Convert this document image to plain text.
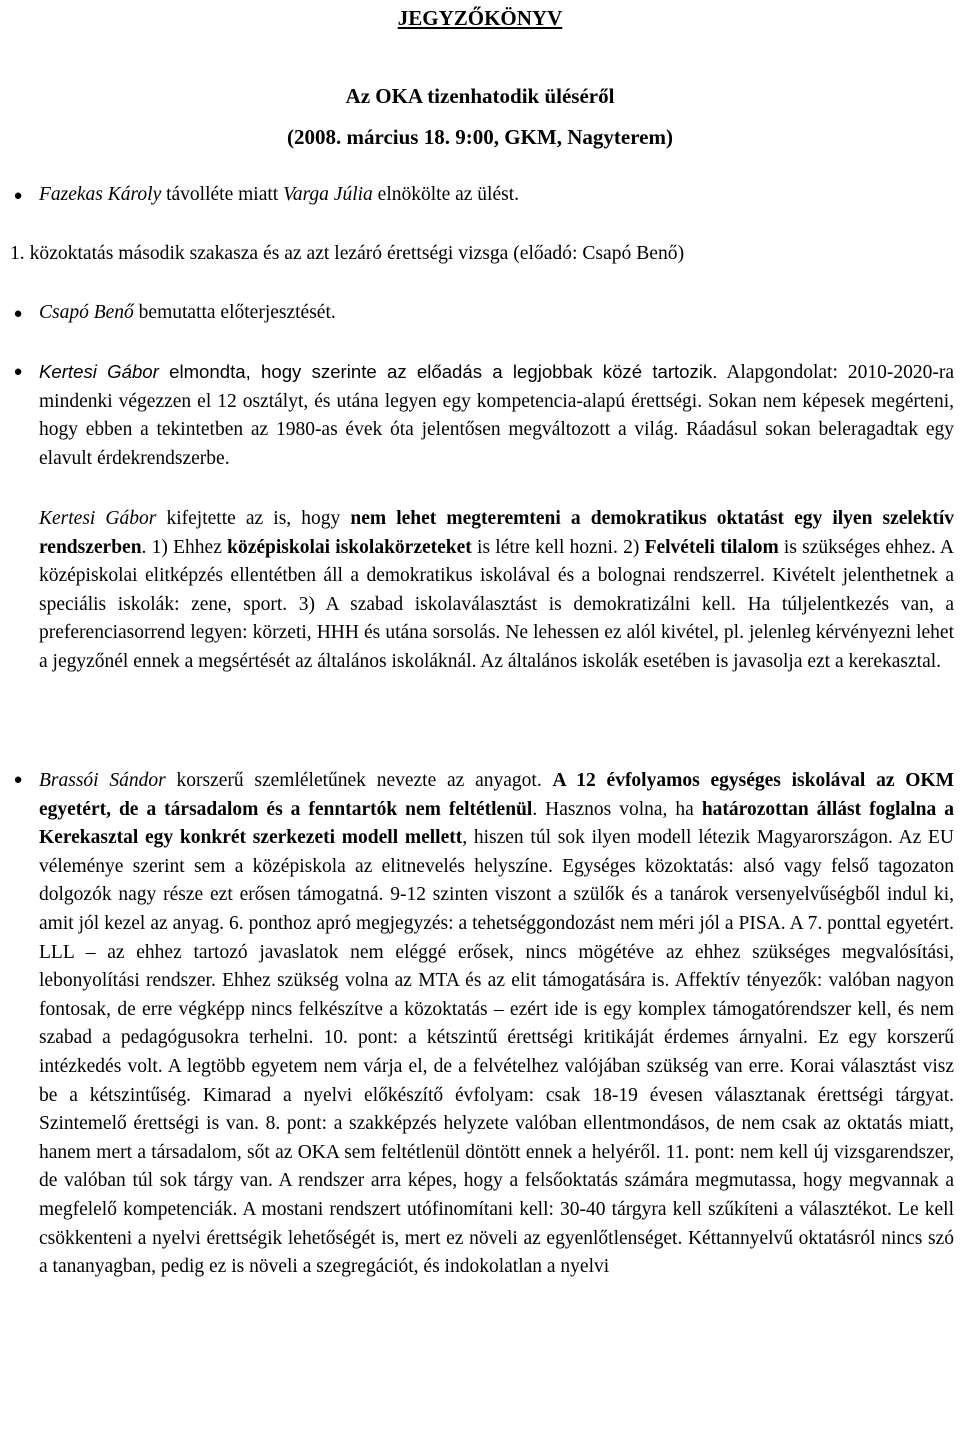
JEGYZŐKÖNYV
Az OKA tizenhatodik üléséről

(2008. március 18. 9:00, GKM, Nagyterem)

● Fazekas Károly távolléte miatt Varga Júlia elnökölte az ülést.

1. közoktatás második szakasza és az azt lezáró érettségi vizsga (előadó: Csapó Benő)

● Csapó Benő bemutatta előterjesztését.

● Kertesi Gábor elmondta, hogy szerinte az előadás a legjobbak közé tartozik. Alapgondolat: 2010-2020-ra mindenki végezzen el 12 osztályt, és utána legyen egy kompetencia-alapú érettségi. Sokan nem képesek megérteni, hogy ebben a tekintetben az 1980-as évek óta jelentősen megváltozott a világ. Ráadásul sokan beleragadtak egy elavult érdekrendszerbe.

Kertesi Gábor kifejtette az is, hogy nem lehet megteremteni a demokratikus oktatást egy ilyen szelektív rendszerben. 1) Ehhez középiskolai iskolakörzeteket is létre kell hozni. 2) Felvételi tilalom is szükséges ehhez. A középiskolai elitképzés ellentétben áll a demokratikus iskolával és a bolognai rendszerrel. Kivételt jelenthetnek a speciális iskolák: zene, sport. 3) A szabad iskolaválasztást is demokratizálni kell. Ha túljelentkezés van, a preferenciasorrend legyen: körzeti, HHH és utána sorsolás. Ne lehessen ez alól kivétel, pl. jelenleg kérvényezni lehet a jegyzőnél ennek a megsértését az általános iskoláknál. Az általános iskolák esetében is javasolja ezt a kerekasztal.

● Brassói Sándor korszerű szemléletűnek nevezte az anyagot. A 12 évfolyamos egységes iskolával az OKM egyetért, de a társadalom és a fenntartók nem feltétlenül. Hasznos volna, ha határozottan állást foglalna a Kerekasztal egy konkrét szerkezeti modell mellett, hiszen túl sok ilyen modell létezik Magyarországon. Az EU véleménye szerint sem a középiskola az elitnevelés helyszíne. Egységes közoktatás: alsó vagy felső tagozaton dolgozók nagy része ezt erősen támogatná. 9-12 szinten viszont a szülők és a tanárok versenyelvűségből indul ki, amit jól kezel az anyag. 6. ponthoz apró megjegyzés: a tehetséggondozást nem méri jól a PISA. A 7. ponttal egyetért. LLL – az ehhez tartozó javaslatok nem eléggé erősek, nincs mögétéve az ehhez szükséges megvalósítási, lebonyolítási rendszer. Ehhez szükség volna az MTA és az elit támogatására is. Affektív tényezők: valóban nagyon fontosak, de erre végképp nincs felkészítve a közoktatás – ezért ide is egy komplex támogatórendszer kell, és nem szabad a pedagógusokra terhelni. 10. pont: a kétszintű érettségi kritikáját érdemes árnyalni. Ez egy korszerű intézkedés volt. A legtöbb egyetem nem várja el, de a felvételhez valójában szükség van erre. Korai választást visz be a kétszintűség. Kimarad a nyelvi előkészítő évfolyam: csak 18-19 évesen választanak érettségi tárgyat. Szintemelő érettségi is van. 8. pont: a szakképzés helyzete valóban ellentmondásos, de nem csak az oktatás miatt, hanem mert a társadalom, sőt az OKA sem feltétlenül döntött ennek a helyéről. 11. pont: nem kell új vizsgarendszer, de valóban túl sok tárgy van. A rendszer arra képes, hogy a felsőoktatás számára megmutassa, hogy megvannak a megfelelő kompetenciák. A mostani rendszert utófinomítani kell: 30-40 tárgyra kell szűkíteni a választékot. Le kell csökkenteni a nyelvi érettségik lehetőségét is, mert ez növeli az egyenlőtlenséget. Kéttannyelvű oktatásról nincs szó a tananyagban, pedig ez is növeli a szegregációt, és indokolatlan a nyelvi
